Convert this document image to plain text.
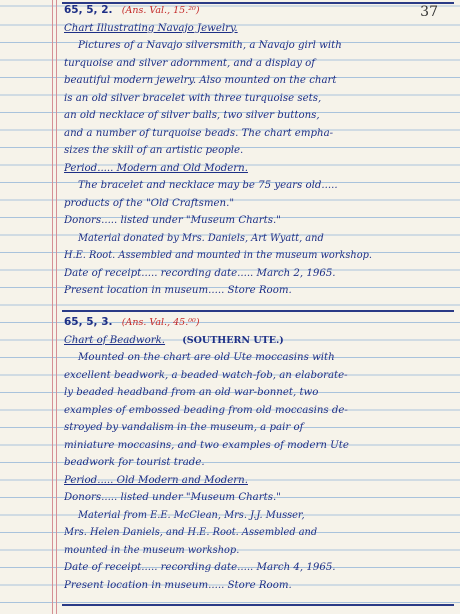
37
65, 5, 2. (Ans. Val., 15.²⁰)
Chart Illustrating Navajo Jewelry.
Pictures of a Navajo silversmith, a Navajo girl with
turquoise and silver adornment, and a display of
beautiful modern jewelry. Also mounted on the chart
is an old silver bracelet with three turquoise sets,
an old necklace of silver balls, two silver buttons,
and a number of turquoise beads. The chart empha-
sizes the skill of an artistic people.
Period..... Modern and Old Modern.
The bracelet and necklace may be 75 years old.....
products of the "Old Craftsmen."
Donors..... listed under "Museum Charts."
Material donated by Mrs. Daniels, Art Wyatt, and
H.E. Root. Assembled and mounted in the museum workshop.
Date of receipt..... recording date..... March 2, 1965.
Present location in museum..... Store Room.
65, 5, 3. (Ans. Val., 45.⁰⁰)
Chart of Beadwork. (SOUTHERN UTE.)
Mounted on the chart are old Ute moccasins with
excellent beadwork, a beaded watch-fob, an elaborate-
ly beaded headband from an old war-bonnet, two
examples of embossed beading from old moccasins de-
stroyed by vandalism in the museum, a pair of
miniature moccasins, and two examples of modern Ute
beadwork for tourist trade.
Period..... Old Modern and Modern.
Donors..... listed under "Museum Charts."
Material from E.E. McClean, Mrs. J.J. Musser,
Mrs. Helen Daniels, and H.E. Root. Assembled and
mounted in the museum workshop.
Date of receipt..... recording date..... March 4, 1965.
Present location in museum..... Store Room.
